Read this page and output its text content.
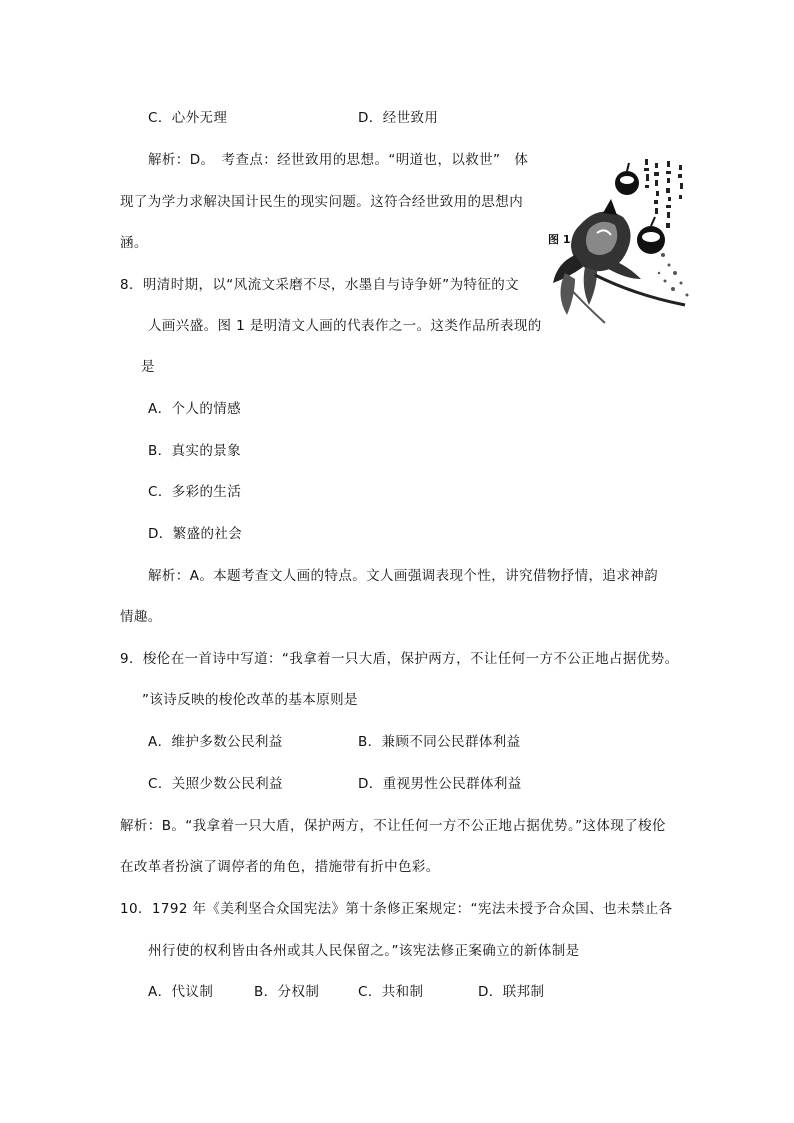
C．心外无理	D．经世致用
解析：D。　考查点：经世致用的思想。“明道也，以救世”　体
现了为学力求解决国计民生的现实问题。这符合经世致用的思想内
涵。	图 1
8．明清时期，以“风流文采磨不尽，水墨自与诗争妍”为特征的文
人画兴盛。图 1 是明清文人画的代表作之一。这类作品所表现的
是
A．个人的情感
B．真实的景象
C．多彩的生活
D．繁盛的社会
解析：A。本题考查文人画的特点。文人画强调表现个性，讲究借物抒情，追求神韵
情趣。
9．梭伦在一首诗中写道：“我拿着一只大盾，保护两方，不让任何一方不公正地占据优势。
”该诗反映的梭伦改革的基本原则是
A．维护多数公民利益	B．兼顾不同公民群体利益
C．关照少数公民利益	D．重视男性公民群体利益
解析：B。“我拿着一只大盾，保护两方，不让任何一方不公正地占据优势。”这体现了梭伦
在改革者扮演了调停者的角色，措施带有折中色彩。
10．1792 年《美利坚合众国宪法》第十条修正案规定：“宪法未授予合众国、也未禁止各
州行使的权利皆由各州或其人民保留之。”该宪法修正案确立的新体制是
A．代议制	B．分权制	C．共和制	D．联邦制
